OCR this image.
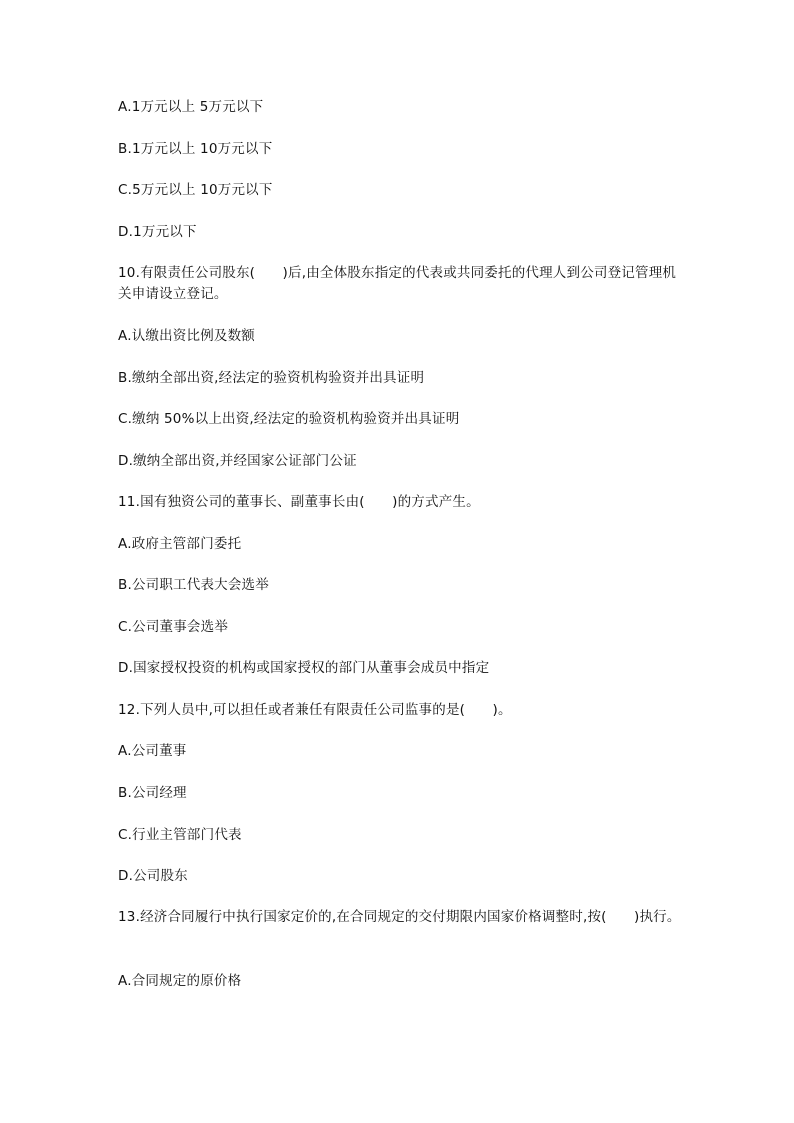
A.1万元以上 5万元以下
B.1万元以上 10万元以下
C.5万元以上 10万元以下
D.1万元以下
10.有限责任公司股东(　　)后,由全体股东指定的代表或共同委托的代理人到公司登记管理机关申请设立登记。
A.认缴出资比例及数额
B.缴纳全部出资,经法定的验资机构验资并出具证明
C.缴纳 50%以上出资,经法定的验资机构验资并出具证明
D.缴纳全部出资,并经国家公证部门公证
11.国有独资公司的董事长、副董事长由(　　)的方式产生。
A.政府主管部门委托
B.公司职工代表大会选举
C.公司董事会选举
D.国家授权投资的机构或国家授权的部门从董事会成员中指定
12.下列人员中,可以担任或者兼任有限责任公司监事的是(　　)。
A.公司董事
B.公司经理
C.行业主管部门代表
D.公司股东
13.经济合同履行中执行国家定价的,在合同规定的交付期限内国家价格调整时,按(　　)执行。
A.合同规定的原价格
